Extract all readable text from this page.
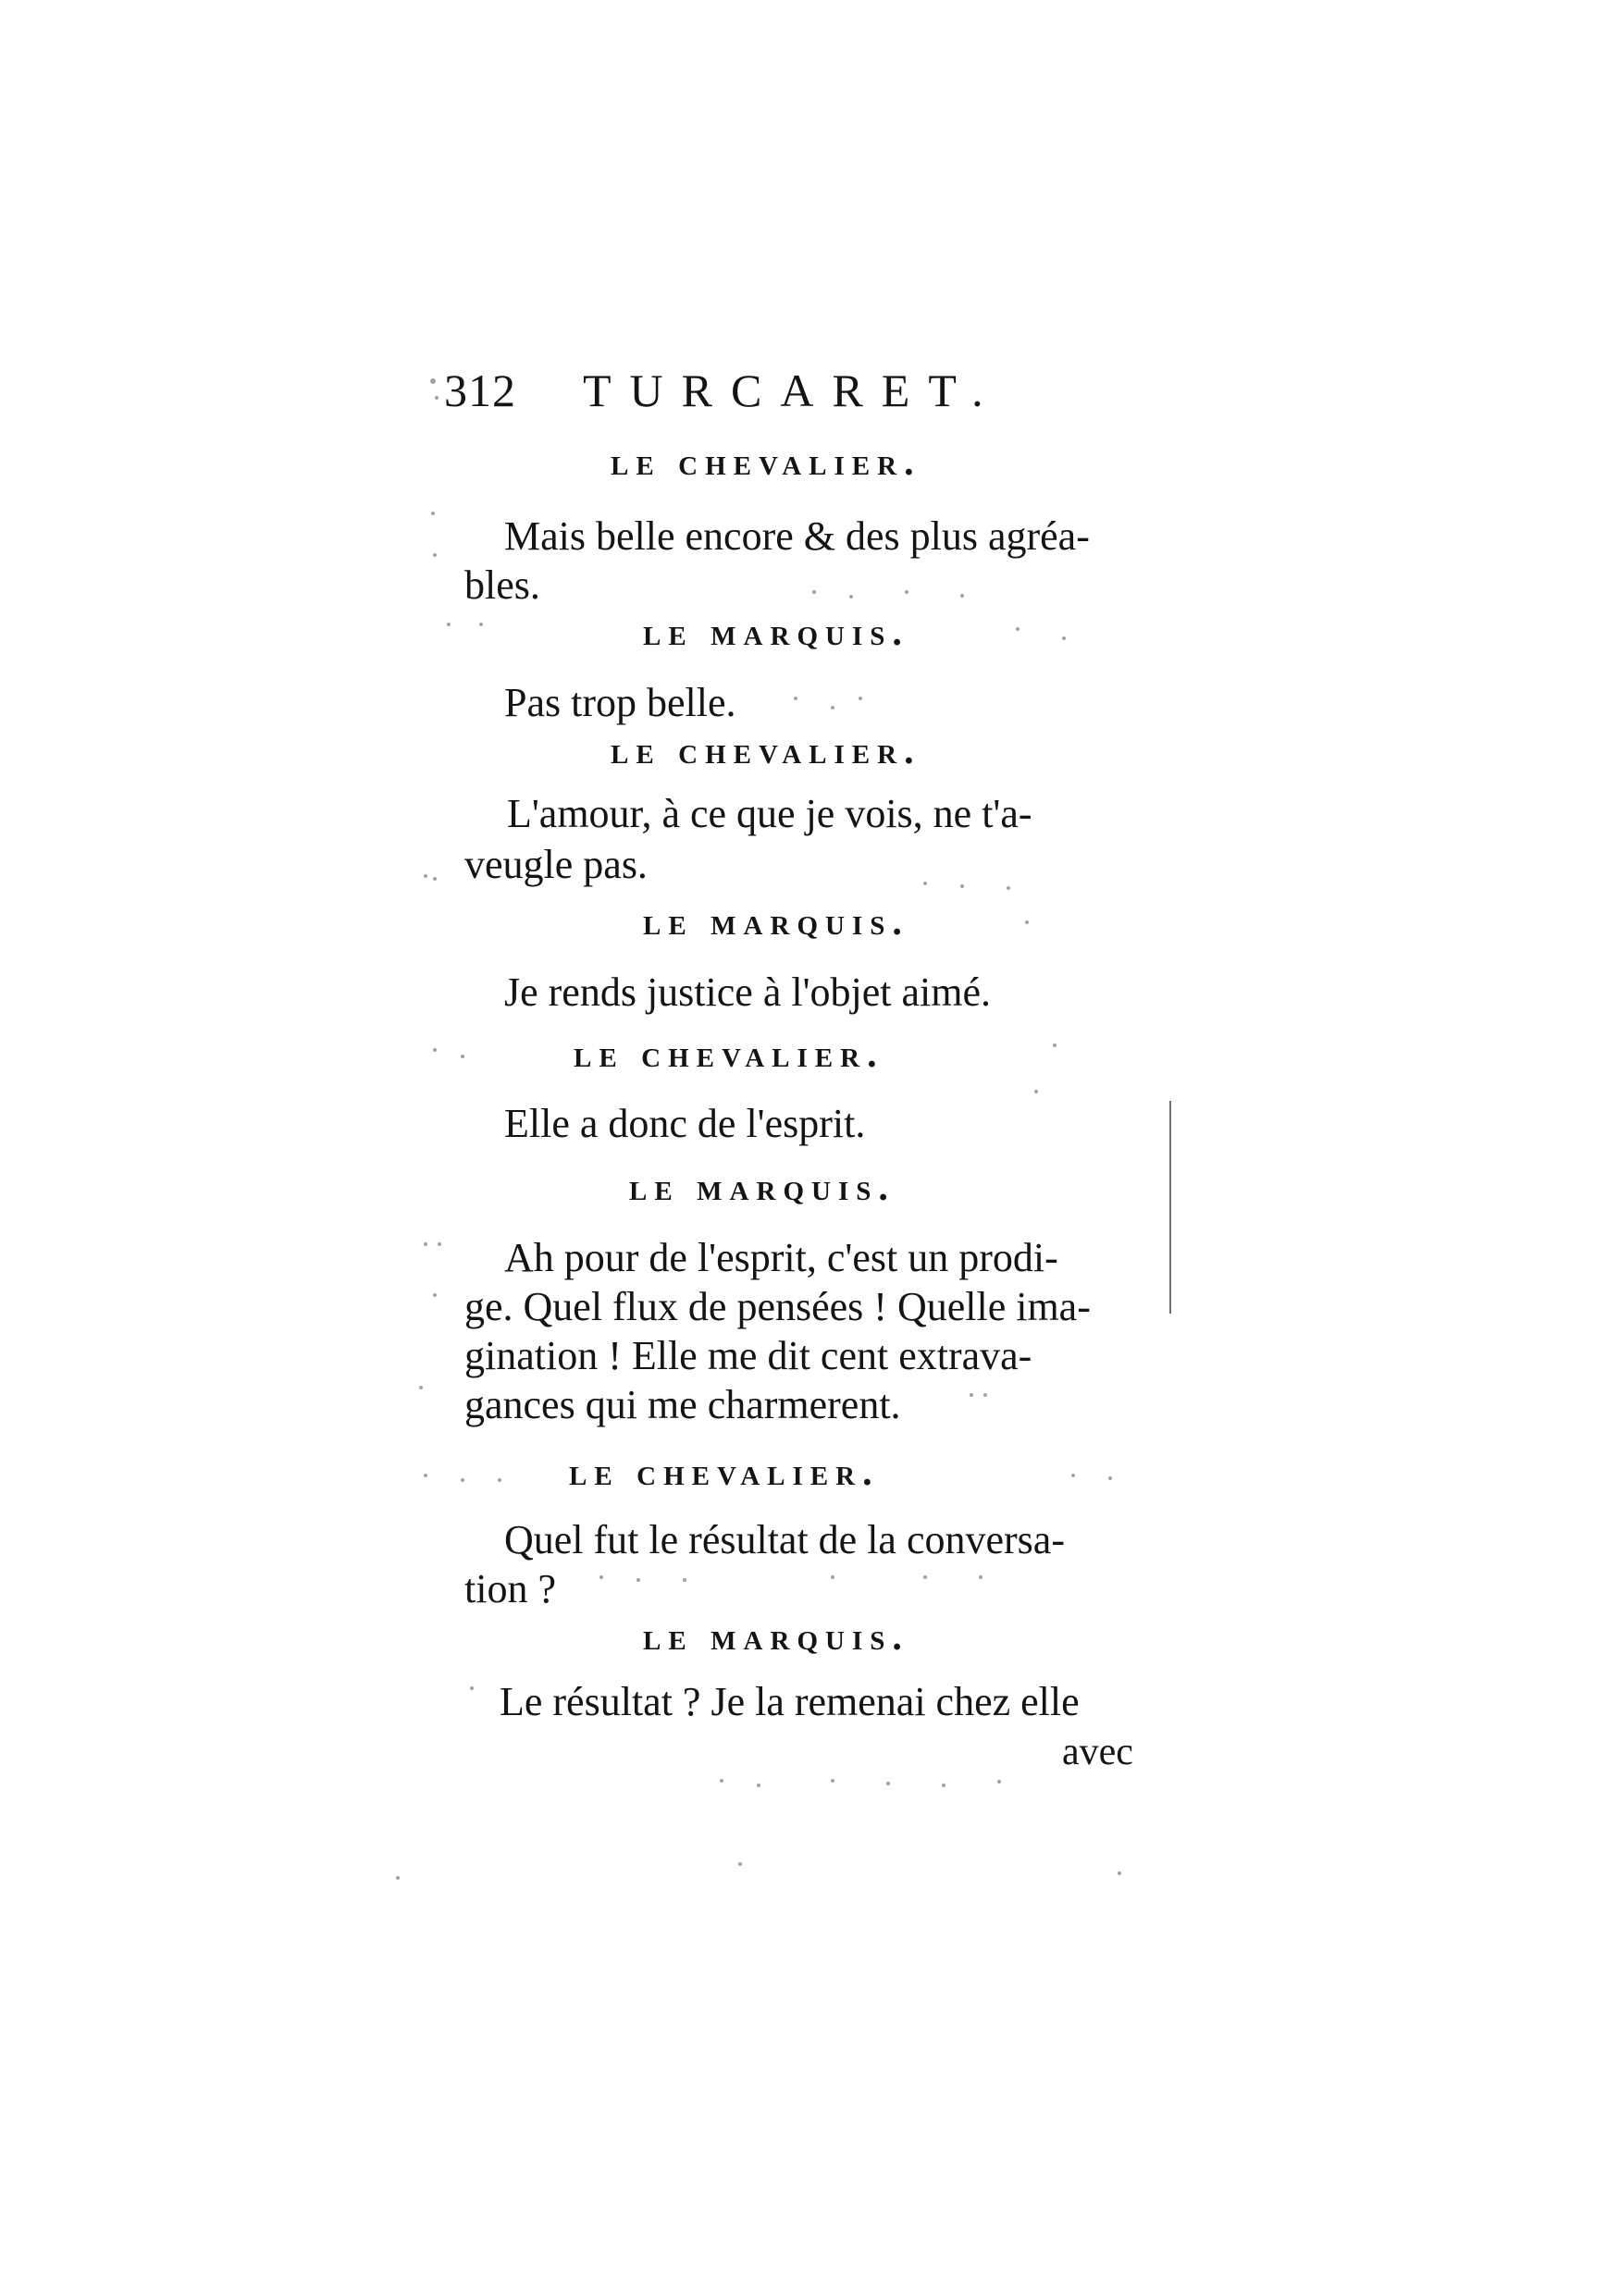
312 TURCARET.
le chevalier.
Mais belle encore & des plus agréa-
bles.
le marquis.
Pas trop belle.
le chevalier.
L'amour, à ce que je vois, ne t'a-
veugle pas.
le marquis.
Je rends justice à l'objet aimé.
le chevalier.
Elle a donc de l'esprit.
le marquis.
Ah pour de l'esprit, c'est un prodi-
ge. Quel flux de pensées ! Quelle ima-
gination ! Elle me dit cent extrava-
gances qui me charmerent.
le chevalier.
Quel fut le résultat de la conversa-
tion ?
le marquis.
Le résultat ? Je la remenai chez elle
avec
